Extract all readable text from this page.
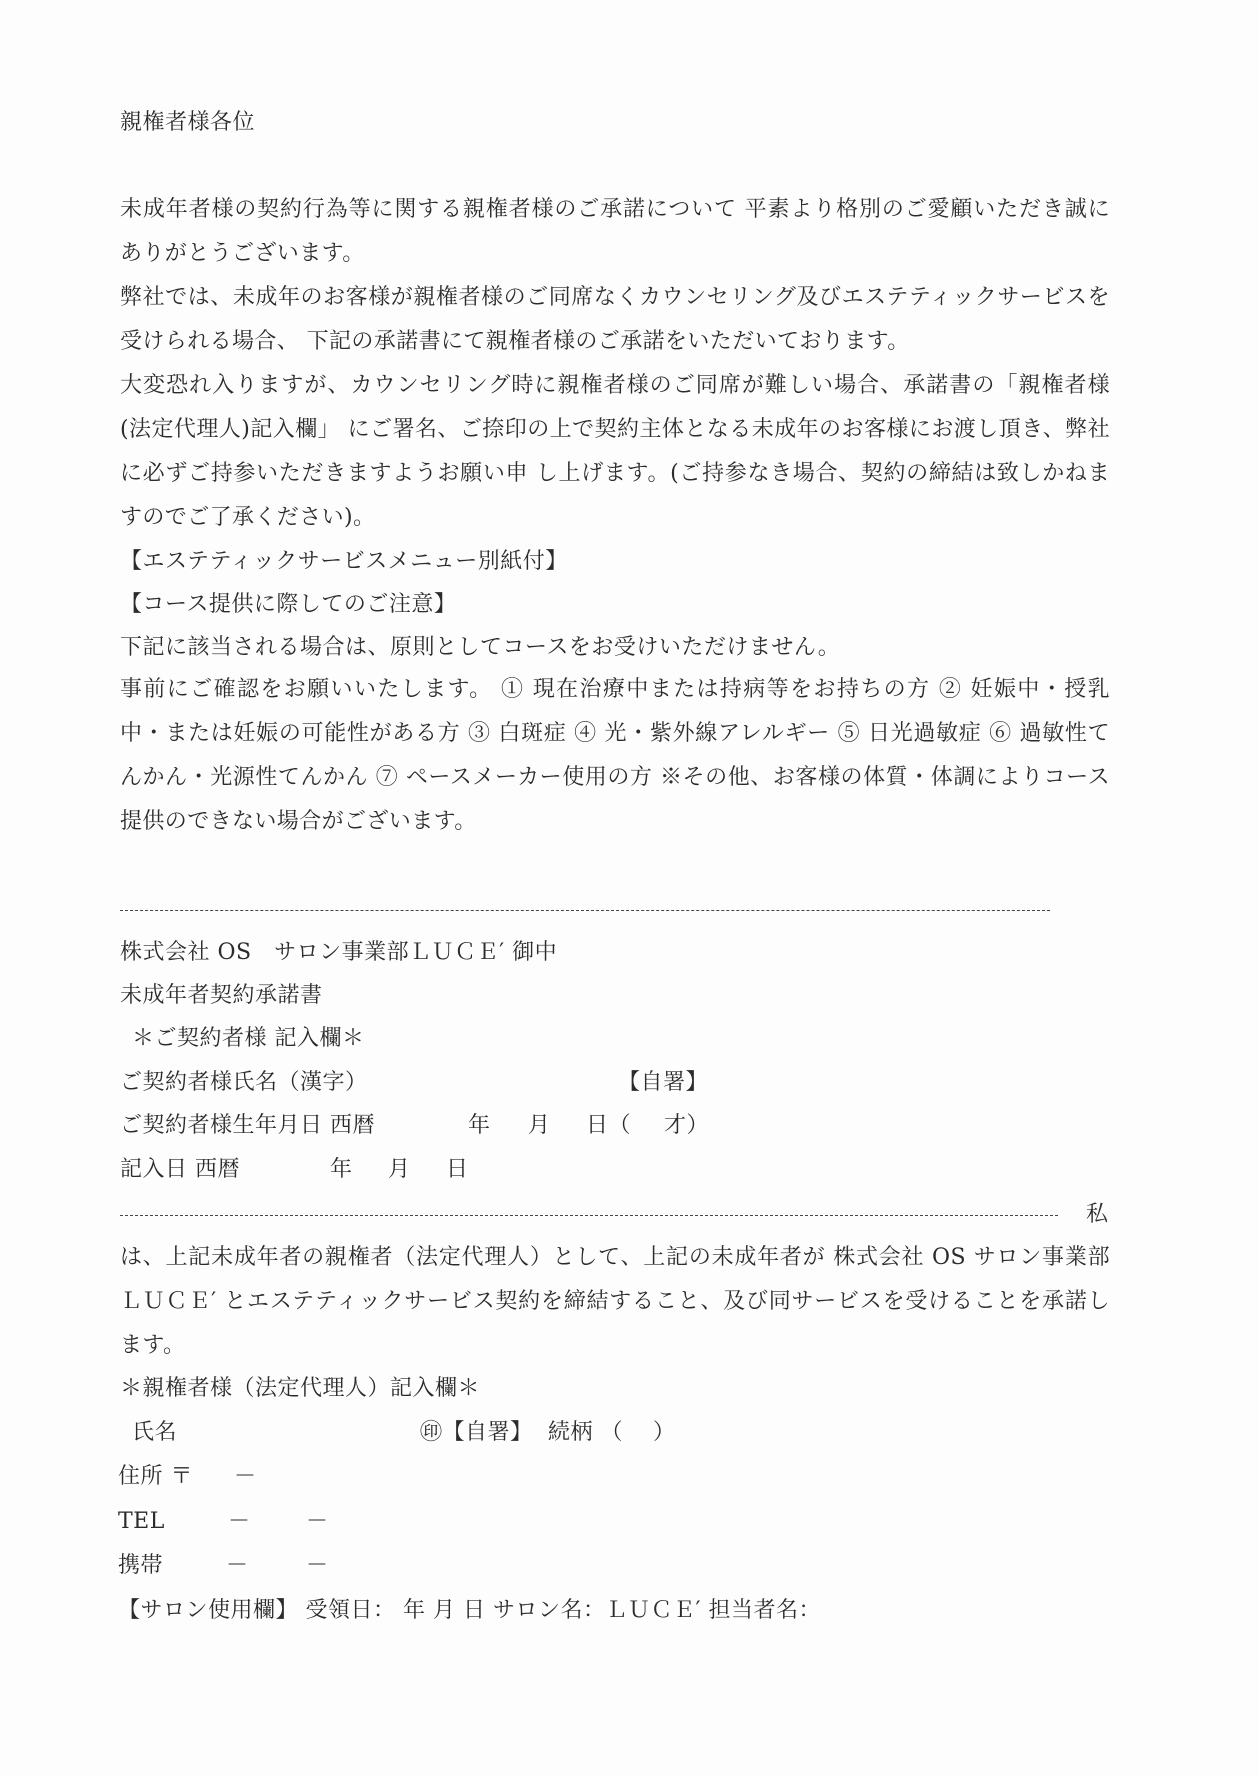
親権者様各位
未成年者様の契約行為等に関する親権者様のご承諾について 平素より格別のご愛顧いただき誠にありがとうございます。
弊社では、未成年のお客様が親権者様のご同席なくカウンセリング及びエステティックサービスを受けられる場合、 下記の承諾書にて親権者様のご承諾をいただいております。
大変恐れ入りますが、カウンセリング時に親権者様のご同席が難しい場合、承諾書の「親権者様(法定代理人)記入欄」 にご署名、ご捺印の上で契約主体となる未成年のお客様にお渡し頂き、弊社に必ずご持参いただきますようお願い申 し上げます。(ご持参なき場合、契約の締結は致しかねますのでご了承ください)。
【エステティックサービスメニュー別紙付】
【コース提供に際してのご注意】
下記に該当される場合は、原則としてコースをお受けいただけません。
事前にご確認をお願いいたします。 ① 現在治療中または持病等をお持ちの方 ② 妊娠中・授乳中・または妊娠の可能性がある方 ③ 白斑症 ④ 光・紫外線アレルギー ⑤ 日光過敏症 ⑥ 過敏性てんかん・光源性てんかん ⑦ ペースメーカー使用の方 ※その他、お客様の体質・体調によりコース提供のできない場合がございます。
株式会社 OS　サロン事業部ＬＵＣＥ′ 御中
未成年者契約承諾書
＊ご契約者様 記入欄＊
ご契約者様氏名（漢字）	【自署】
ご契約者様生年月日 西暦	年 月 日（ 才）
記入日 西暦	年 月 日
私
は、上記未成年者の親権者（法定代理人）として、上記の未成年者が 株式会社 OS サロン事業部ＬＵＣＥ′ とエステティックサービス契約を締結すること、及び同サービスを受けることを承諾します。
＊親権者様（法定代理人）記入欄＊
氏名	㊞【自署】 続柄 （　 ）
住所 〒 －
TEL	－	－
携帯	－	－
【サロン使用欄】 受領日： 年 月 日 サロン名：ＬＵＣＥ′ 担当者名：
